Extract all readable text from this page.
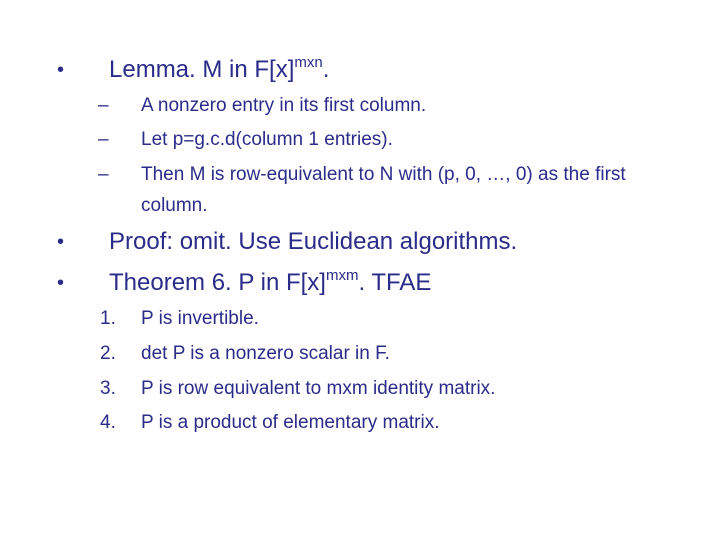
• Lemma. M in $F[x]^{mxn}$.
–	A nonzero entry in its first column.
–	Let p=g.c.d(column 1 entries).
–	Then M is row-equivalent to N with (p, 0, …, 0) as the first column.
• Proof: omit. Use Euclidean algorithms.
• Theorem 6. P in $F[x]^{mxm}$. TFAE
1.	P is invertible.
2.	det P is a nonzero scalar in F.
3.	P is row equivalent to mxm identity matrix.
4.	P is a product of elementary matrix.
